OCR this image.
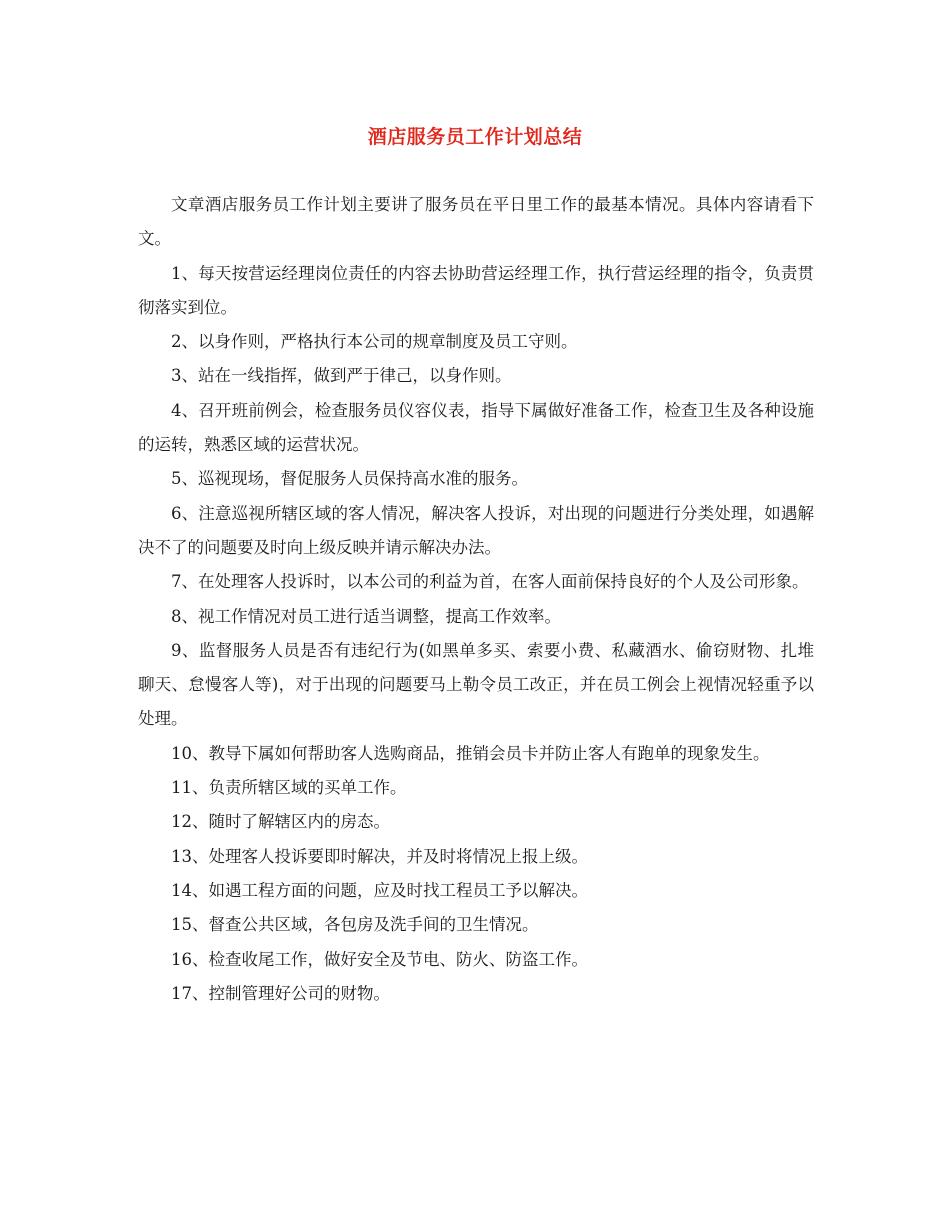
酒店服务员工作计划总结

文章酒店服务员工作计划主要讲了服务员在平日里工作的最基本情况。具体内容请看下文。

1、每天按营运经理岗位责任的内容去协助营运经理工作，执行营运经理的指令，负责贯彻落实到位。

2、以身作则，严格执行本公司的规章制度及员工守则。

3、站在一线指挥，做到严于律己，以身作则。

4、召开班前例会，检查服务员仪容仪表，指导下属做好准备工作，检查卫生及各种设施的运转，熟悉区域的运营状况。

5、巡视现场，督促服务人员保持高水准的服务。

6、注意巡视所辖区域的客人情况，解决客人投诉，对出现的问题进行分类处理，如遇解决不了的问题要及时向上级反映并请示解决办法。

7、在处理客人投诉时，以本公司的利益为首，在客人面前保持良好的个人及公司形象。

8、视工作情况对员工进行适当调整，提高工作效率。

9、监督服务人员是否有违纪行为(如黑单多买、索要小费、私藏酒水、偷窃财物、扎堆聊天、怠慢客人等)，对于出现的问题要马上勒令员工改正，并在员工例会上视情况轻重予以处理。

10、教导下属如何帮助客人选购商品，推销会员卡并防止客人有跑单的现象发生。

11、负责所辖区域的买单工作。

12、随时了解辖区内的房态。

13、处理客人投诉要即时解决，并及时将情况上报上级。

14、如遇工程方面的问题，应及时找工程员工予以解决。

15、督查公共区域，各包房及洗手间的卫生情况。

16、检查收尾工作，做好安全及节电、防火、防盗工作。

17、控制管理好公司的财物。
